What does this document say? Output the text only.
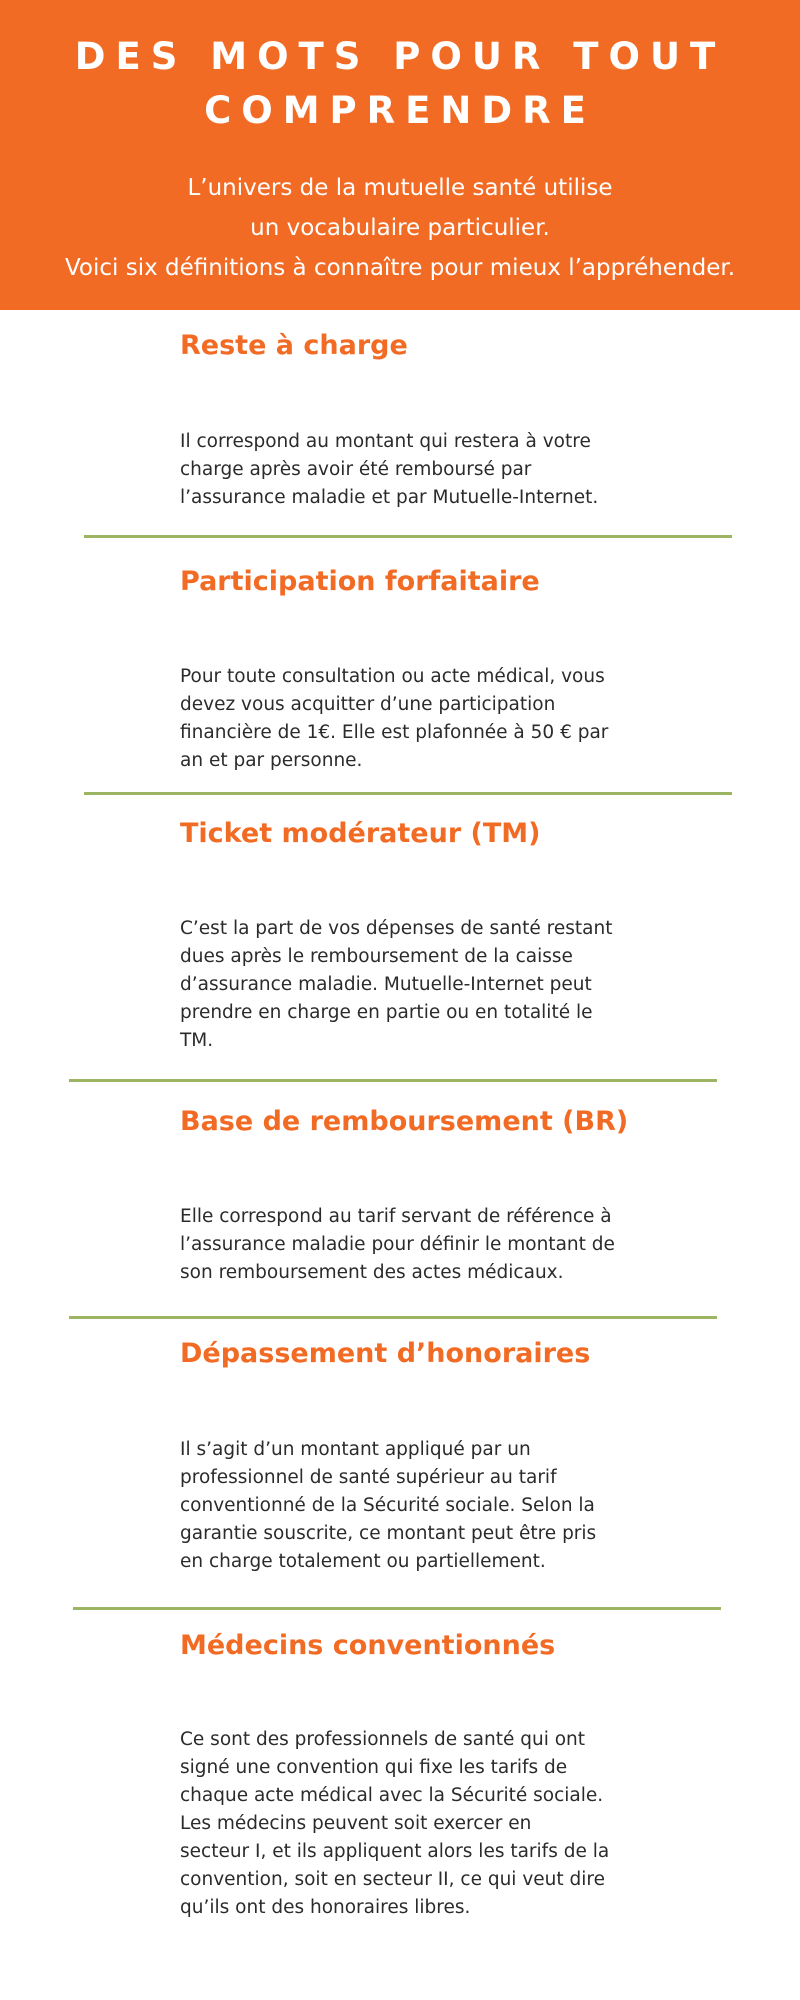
DES MOTS POUR TOUT
COMPRENDRE
L’univers de la mutuelle santé utilise
un vocabulaire particulier.
Voici six définitions à connaître pour mieux l’appréhender.
Reste à charge
Il correspond au montant qui restera à votre
charge après avoir été remboursé par
l’assurance maladie et par Mutuelle-Internet.
Participation forfaitaire
Pour toute consultation ou acte médical, vous
devez vous acquitter d’une participation
financière de 1€. Elle est plafonnée à 50 € par
an et par personne.
Ticket modérateur (TM)
C’est la part de vos dépenses de santé restant
dues après le remboursement de la caisse
d’assurance maladie. Mutuelle-Internet peut
prendre en charge en partie ou en totalité le
TM.
Base de remboursement (BR)
Elle correspond au tarif servant de référence à
l’assurance maladie pour définir le montant de
son remboursement des actes médicaux.
Dépassement d’honoraires
Il s’agit d’un montant appliqué par un
professionnel de santé supérieur au tarif
conventionné de la Sécurité sociale. Selon la
garantie souscrite, ce montant peut être pris
en charge totalement ou partiellement.
Médecins conventionnés
Ce sont des professionnels de santé qui ont
signé une convention qui fixe les tarifs de
chaque acte médical avec la Sécurité sociale.
Les médecins peuvent soit exercer en
secteur I, et ils appliquent alors les tarifs de la
convention, soit en secteur II, ce qui veut dire
qu’ils ont des honoraires libres.
